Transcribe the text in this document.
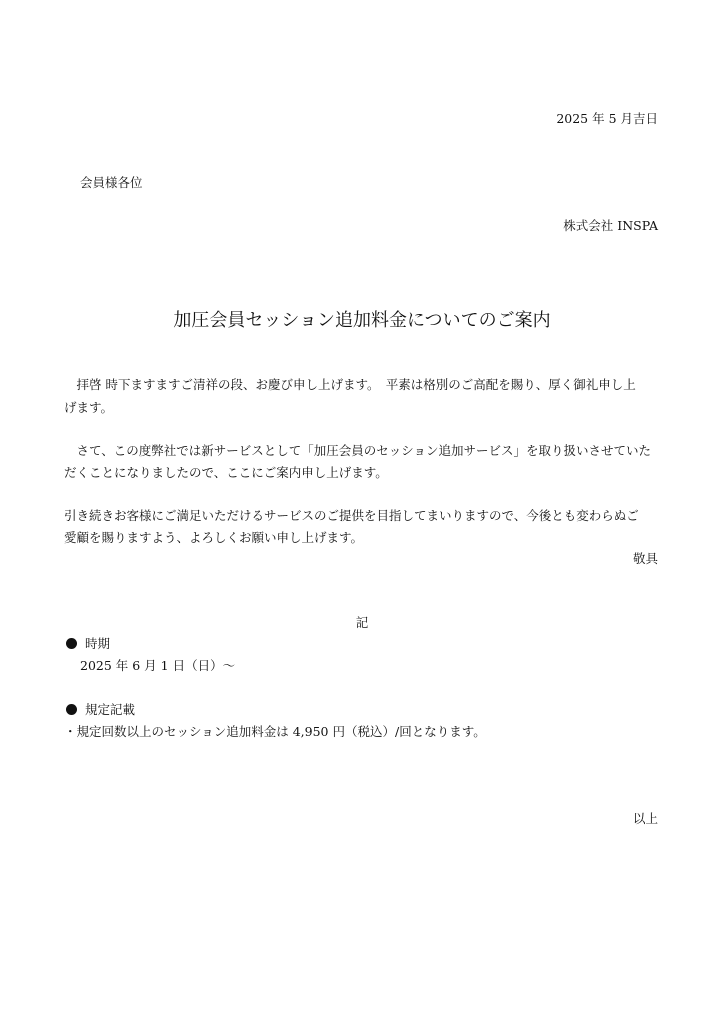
2025 年 5 月吉日
会員様各位
株式会社 INSPA
加圧会員セッション追加料金についてのご案内
　拝啓 時下ますますご清祥の段、お慶び申し上げます。　平素は格別のご高配を賜り、厚く御礼申し上
げます。
　さて、この度弊社では新サービスとして「加圧会員のセッション追加サービス」を取り扱いさせていた
だくことになりましたので、ここにご案内申し上げます。
引き続きお客様にご満足いただけるサービスのご提供を目指してまいりますので、今後とも変わらぬご
愛顧を賜りますよう、よろしくお願い申し上げます。
敬具
記
時期
2025 年 6 月 1 日（日）～
規定記載
・規定回数以上のセッション追加料金は 4,950 円（税込）/回となります。
以上
